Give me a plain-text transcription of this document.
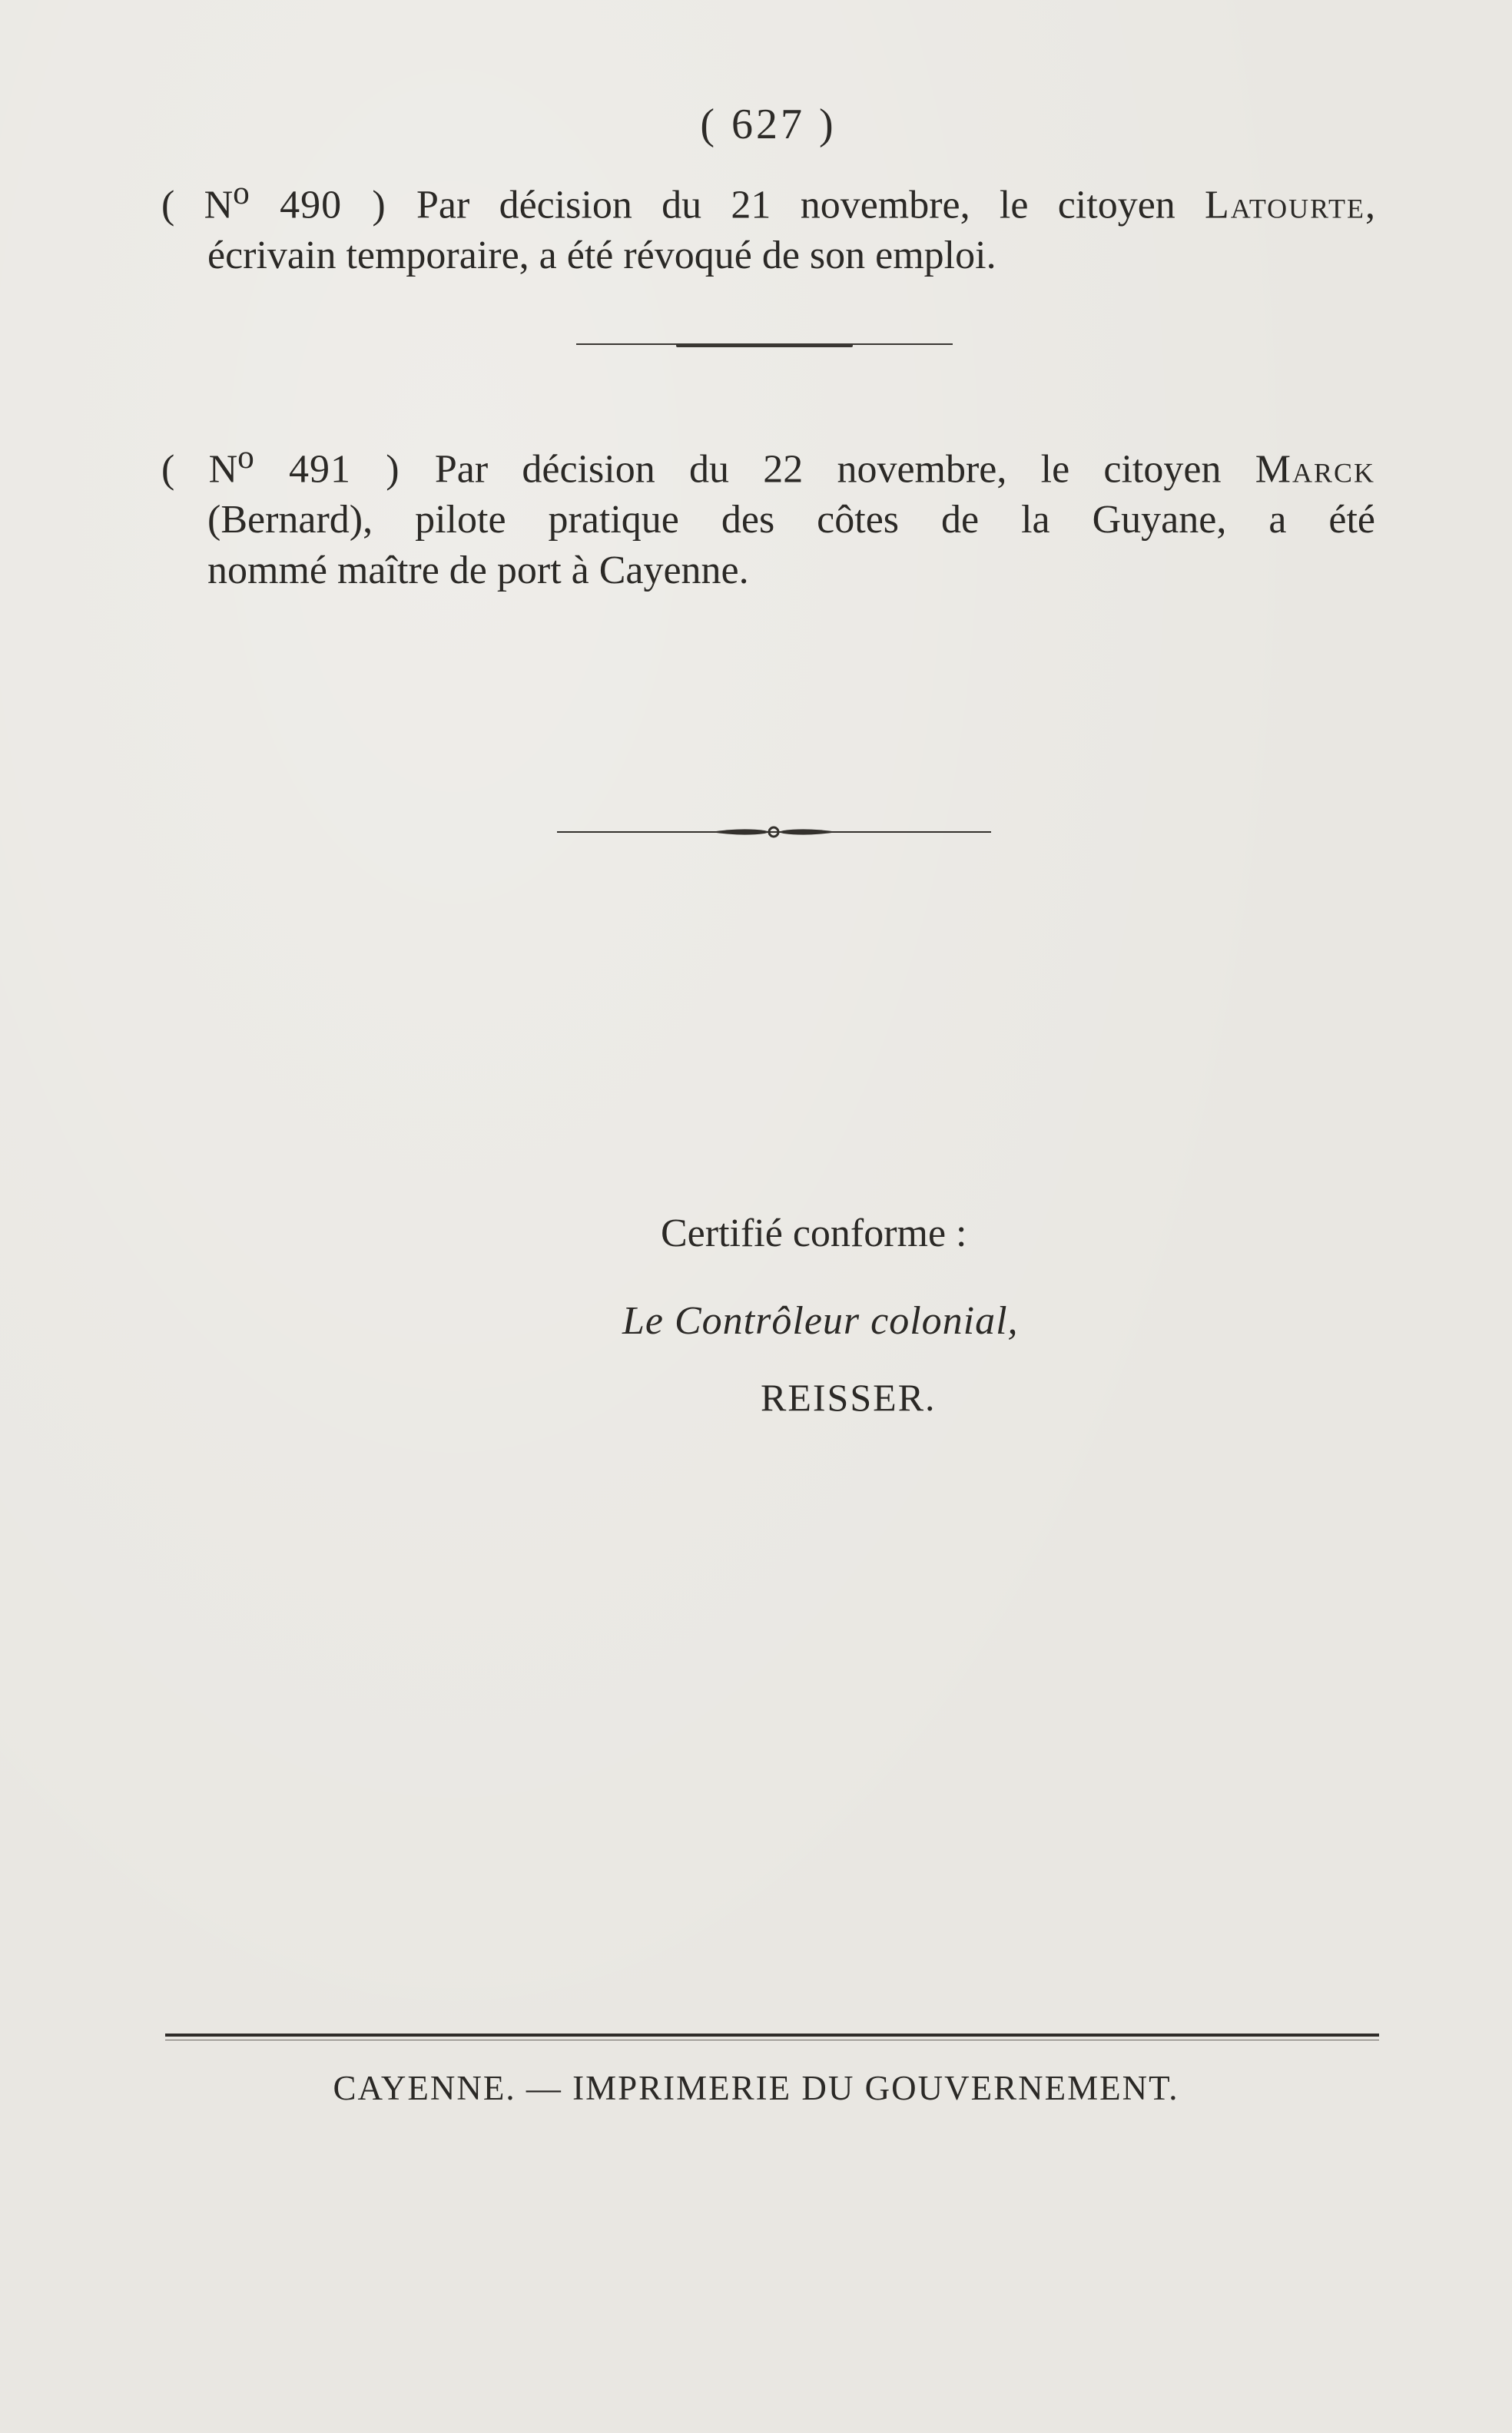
( 627 )
( $N^o$ 490 ) Par décision du 21 novembre, le citoyen Latourte,
écrivain temporaire, a été révoqué de son emploi.
( $N^o$ 491 ) Par décision du 22 novembre, le citoyen Marck
(Bernard), pilote pratique des côtes de la Guyane, a été
nommé maître de port à Cayenne.
Certifié conforme :
Le Contrôleur colonial,
REISSER.
CAYENNE. — IMPRIMERIE DU GOUVERNEMENT.
